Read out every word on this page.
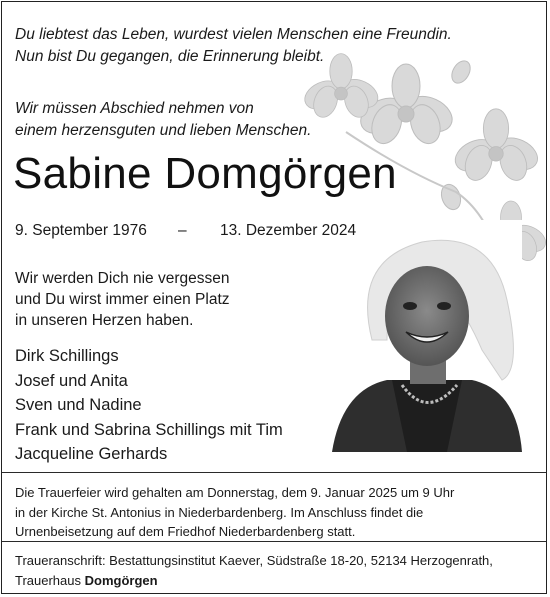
Du liebtest das Leben, wurdest vielen Menschen eine Freundin.
Nun bist Du gegangen, die Erinnerung bleibt.
Wir müssen Abschied nehmen von
einem herzensguten und lieben Menschen.
Sabine Domgörgen
9. September 1976 – 13. Dezember 2024
Wir werden Dich nie vergessen
und Du wirst immer einen Platz
in unseren Herzen haben.
Dirk Schillings
Josef und Anita
Sven und Nadine
Frank und Sabrina Schillings mit Tim
Jacqueline Gerhards
Die Trauerfeier wird gehalten am Donnerstag, dem 9. Januar 2025 um 9 Uhr
in der Kirche St. Antonius in Niederbardenberg. Im Anschluss findet die
Urnenbeisetzung auf dem Friedhof Niederbardenberg statt.
Traueranschrift: Bestattungsinstitut Kaever, Südstraße 18-20, 52134 Herzogenrath,
Trauerhaus Domgörgen
